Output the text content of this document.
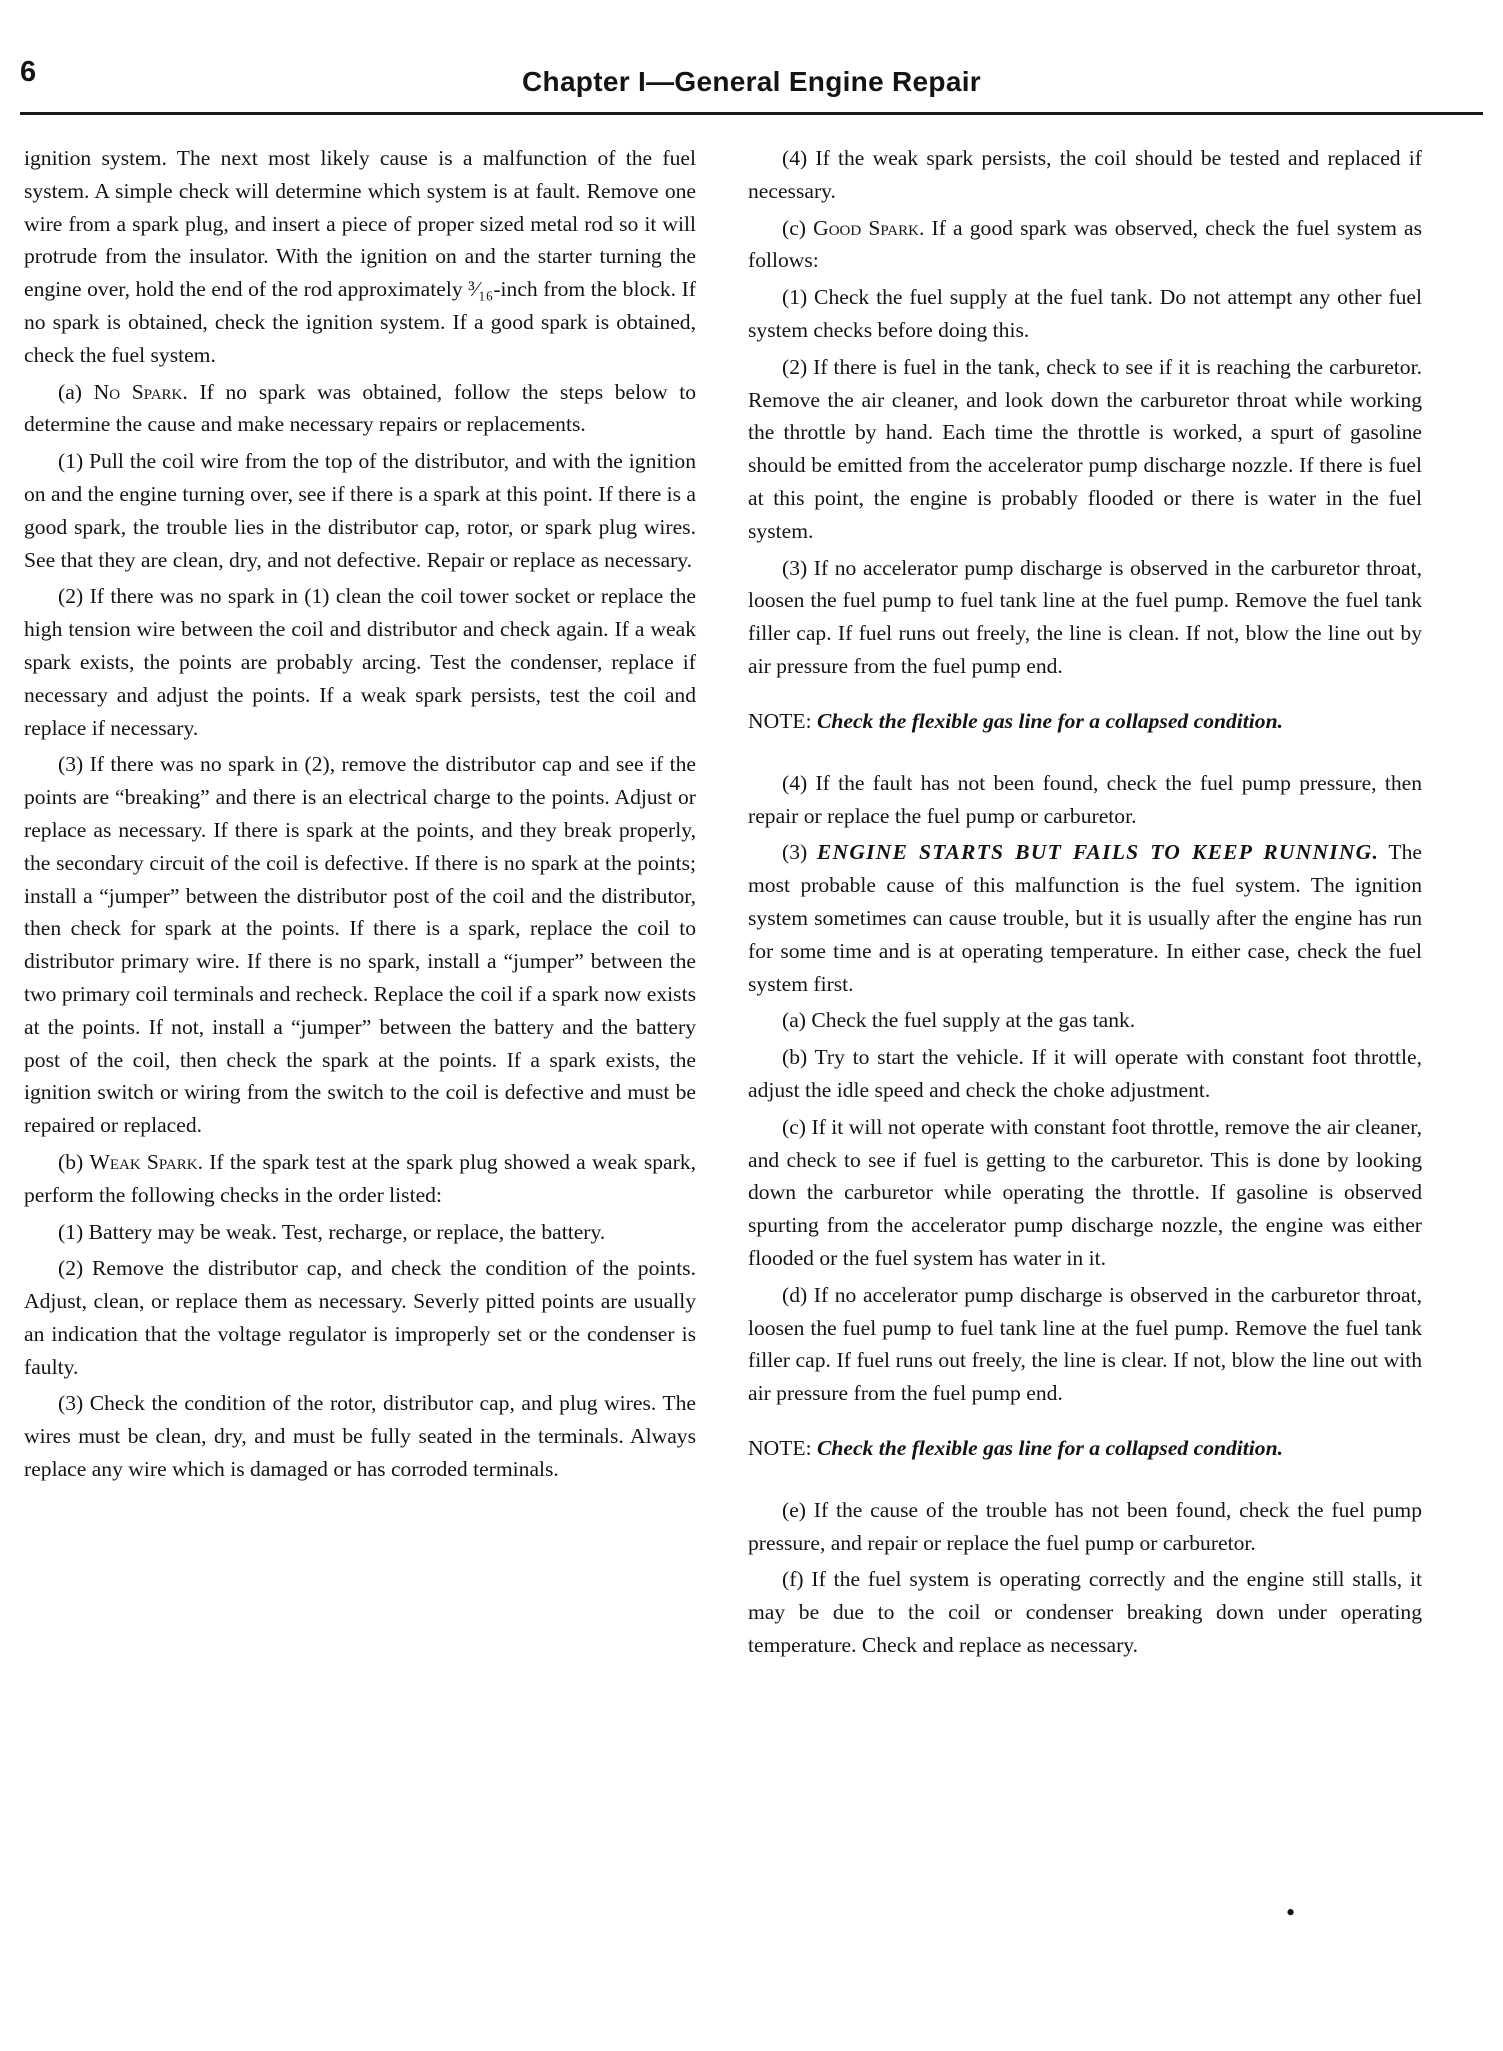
6	Chapter I—General Engine Repair

ignition system. The next most likely cause is a malfunction of the fuel system. A simple check will determine which system is at fault. Remove one wire from a spark plug, and insert a piece of proper sized metal rod so it will protrude from the insulator. With the ignition on and the starter turning the engine over, hold the end of the rod approximately ³⁄₁₆-inch from the block. If no spark is obtained, check the ignition system. If a good spark is obtained, check the fuel system.

(a) No Spark. If no spark was obtained, follow the steps below to determine the cause and make necessary repairs or replacements.

(1) Pull the coil wire from the top of the distributor, and with the ignition on and the engine turning over, see if there is a spark at this point. If there is a good spark, the trouble lies in the distributor cap, rotor, or spark plug wires. See that they are clean, dry, and not defective. Repair or replace as necessary.

(2) If there was no spark in (1) clean the coil tower socket or replace the high tension wire between the coil and distributor and check again. If a weak spark exists, the points are probably arcing. Test the condenser, replace if necessary and adjust the points. If a weak spark persists, test the coil and replace if necessary.

(3) If there was no spark in (2), remove the distributor cap and see if the points are “breaking” and there is an electrical charge to the points. Adjust or replace as necessary. If there is spark at the points, and they break properly, the secondary circuit of the coil is defective. If there is no spark at the points; install a “jumper” between the distributor post of the coil and the distributor, then check for spark at the points. If there is a spark, replace the coil to distributor primary wire. If there is no spark, install a “jumper” between the two primary coil terminals and recheck. Replace the coil if a spark now exists at the points. If not, install a “jumper” between the battery and the battery post of the coil, then check the spark at the points. If a spark exists, the ignition switch or wiring from the switch to the coil is defective and must be repaired or replaced.

(b) Weak Spark. If the spark test at the spark plug showed a weak spark, perform the following checks in the order listed:

(1) Battery may be weak. Test, recharge, or replace, the battery.

(2) Remove the distributor cap, and check the condition of the points. Adjust, clean, or replace them as necessary. Severly pitted points are usually an indication that the voltage regulator is improperly set or the condenser is faulty.

(3) Check the condition of the rotor, distributor cap, and plug wires. The wires must be clean, dry, and must be fully seated in the terminals. Always replace any wire which is damaged or has corroded terminals.

(4) If the weak spark persists, the coil should be tested and replaced if necessary.

(c) Good Spark. If a good spark was observed, check the fuel system as follows:

(1) Check the fuel supply at the fuel tank. Do not attempt any other fuel system checks before doing this.

(2) If there is fuel in the tank, check to see if it is reaching the carburetor. Remove the air cleaner, and look down the carburetor throat while working the throttle by hand. Each time the throttle is worked, a spurt of gasoline should be emitted from the accelerator pump discharge nozzle. If there is fuel at this point, the engine is probably flooded or there is water in the fuel system.

(3) If no accelerator pump discharge is observed in the carburetor throat, loosen the fuel pump to fuel tank line at the fuel pump. Remove the fuel tank filler cap. If fuel runs out freely, the line is clean. If not, blow the line out by air pressure from the fuel pump end.

NOTE: Check the flexible gas line for a collapsed condition.

(4) If the fault has not been found, check the fuel pump pressure, then repair or replace the fuel pump or carburetor.

(3) ENGINE STARTS BUT FAILS TO KEEP RUNNING. The most probable cause of this malfunction is the fuel system. The ignition system sometimes can cause trouble, but it is usually after the engine has run for some time and is at operating temperature. In either case, check the fuel system first.

(a) Check the fuel supply at the gas tank.

(b) Try to start the vehicle. If it will operate with constant foot throttle, adjust the idle speed and check the choke adjustment.

(c) If it will not operate with constant foot throttle, remove the air cleaner, and check to see if fuel is getting to the carburetor. This is done by looking down the carburetor while operating the throttle. If gasoline is observed spurting from the accelerator pump discharge nozzle, the engine was either flooded or the fuel system has water in it.

(d) If no accelerator pump discharge is observed in the carburetor throat, loosen the fuel pump to fuel tank line at the fuel pump. Remove the fuel tank filler cap. If fuel runs out freely, the line is clear. If not, blow the line out with air pressure from the fuel pump end.

NOTE: Check the flexible gas line for a collapsed condition.

(e) If the cause of the trouble has not been found, check the fuel pump pressure, and repair or replace the fuel pump or carburetor.

(f) If the fuel system is operating correctly and the engine still stalls, it may be due to the coil or condenser breaking down under operating temperature. Check and replace as necessary.

•
